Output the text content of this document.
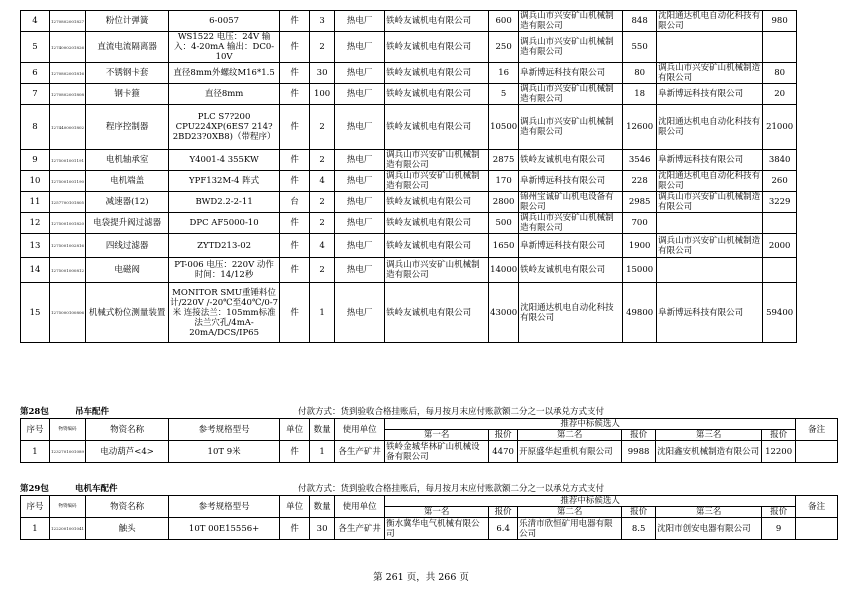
4	1270802001827	粉位计弹簧	6-0057	件	3	热电厂	铁岭友诚机电有限公司	600	调兵山市兴安矿山机械制造有限公司	848	沈阳通达机电自动化科技有限公司	980
5	1274000201826	直流电流隔离器	WS1522 电压：24V 输入：4-20mA 输出：DC0-10V	件	2	热电厂	铁岭友诚机电有限公司	250	调兵山市兴安矿山机械制造有限公司	550		
6	1270802001816	不锈钢卡套	直径8mm外螺纹M16*1.5	件	30	热电厂	铁岭友诚机电有限公司	16	阜新博远科技有限公司	80	调兵山市兴安矿山机械制造有限公司	80
7	1270802001808	钢卡箍	直径8mm	件	100	热电厂	铁岭友诚机电有限公司	5	调兵山市兴安矿山机械制造有限公司	18	阜新博远科技有限公司	20
8	1274400001802	程序控制器	PLC S7?200 CPU224XP(6ES7 214?2BD23?0XB8)（带程序）	件	2	热电厂	铁岭友诚机电有限公司	10500	调兵山市兴安矿山机械制造有限公司	12600	沈阳通达机电自动化科技有限公司	21000
9	1275001001191	电机轴承室	Y4001-4 355KW	件	2	热电厂	调兵山市兴安矿山机械制造有限公司	2875	铁岭友诚机电有限公司	3546	阜新博远科技有限公司	3840
10	1275001001190	电机端盖	YPF132M-4 阵式	件	4	热电厂	调兵山市兴安矿山机械制造有限公司	170	阜新博远科技有限公司	228	沈阳通达机电自动化科技有限公司	260
11	1257700101805	减速器(12)	BWD2.2-2-11	台	2	热电厂	铁岭友诚机电有限公司	2800	锦州宝诚矿山机电设备有限公司	2985	调兵山市兴安矿山机械制造有限公司	3229
12	1275001001820	电袋提升阀过滤器	DPC AF5000-10	件	2	热电厂	铁岭友诚机电有限公司	500	调兵山市兴安矿山机械制造有限公司	700		
13	1275001002816	四线过滤器	ZYTD213-02	件	4	热电厂	铁岭友诚机电有限公司	1650	阜新博远科技有限公司	1900	调兵山市兴安矿山机械制造有限公司	2000
14	1275001000812	电磁阀	PT-006 电压：220V 动作时间：14/12秒	件	2	热电厂	调兵山市兴安矿山机械制造有限公司	14000	铁岭友诚机电有限公司	15000		
15	1275000100806	机械式粉位测量装置	MONITOR SMU重锤料位计/220V /-20℃至40℃/0-7米 连接法兰：105mm标准法兰穴孔/4mA-20mA/DCS/IP65	件	1	热电厂	铁岭友诚机电有限公司	43000	沈阳通达机电自动化科技有限公司	49800	阜新博远科技有限公司	59400
第28包	吊车配件	付款方式：货到验收合格挂账后，每月按月末应付账款额二分之一以承兑方式支付
序号	物资编码	物资名称	参考规格型号	单位	数量	使用单位	推荐中标候选人						备注
							第一名	报价	第二名	报价	第三名	报价	
1	1232701001089	电动葫芦<4>	10T 9米	件	1	各生产矿井	铁岭金城华林矿山机械设备有限公司	4470	开原盛华起重机有限公司	9988	沈阳鑫安机械制造有限公司	12200	
第29包	电机车配件	付款方式：货到验收合格挂账后，每月按月末应付账款额二分之一以承兑方式支付
序号	物资编码	物资名称	参考规格型号	单位	数量	使用单位	推荐中标候选人						备注
							第一名	报价	第二名	报价	第三名	报价	
1	1222001001041	触头	10T 00E15556+	件	30	各生产矿井	衡水冀华电气机械有限公司	6.4	乐清市欣恒矿用电器有限公司	8.5	沈阳市创安电器有限公司	9	
第 261 页，共 266 页
